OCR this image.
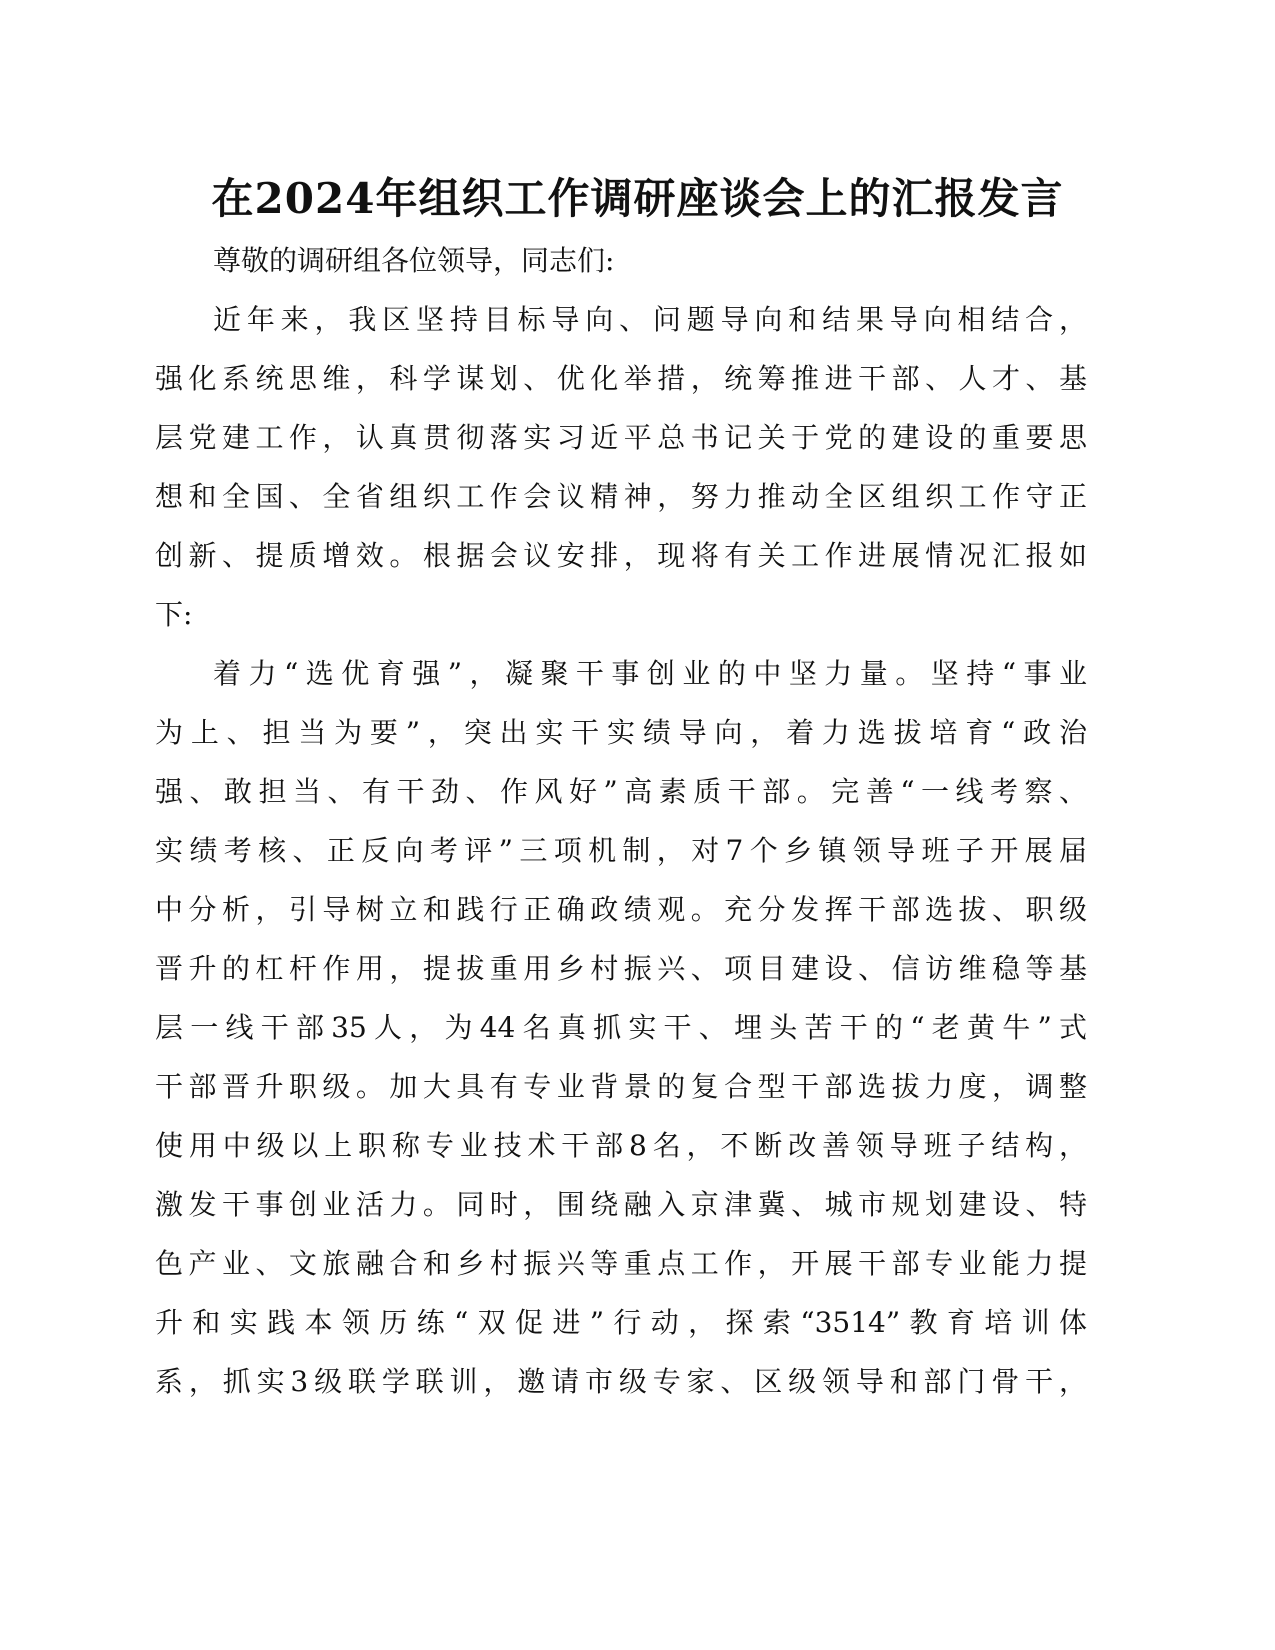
在2024年组织工作调研座谈会上的汇报发言
尊敬的调研组各位领导，同志们:
近年来，我区坚持目标导向、问题导向和结果导向相结合，
强化系统思维，科学谋划、优化举措，统筹推进干部、人才、基
层党建工作，认真贯彻落实习近平总书记关于党的建设的重要思
想和全国、全省组织工作会议精神，努力推动全区组织工作守正
创新、提质增效。根据会议安排，现将有关工作进展情况汇报如
下:
着力“选优育强”，凝聚干事创业的中坚力量。坚持“事业
为上、担当为要”，突出实干实绩导向，着力选拔培育“政治
强、敢担当、有干劲、作风好”高素质干部。完善“一线考察、
实绩考核、正反向考评”三项机制，对7个乡镇领导班子开展届
中分析，引导树立和践行正确政绩观。充分发挥干部选拔、职级
晋升的杠杆作用，提拔重用乡村振兴、项目建设、信访维稳等基
层一线干部35人，为44名真抓实干、埋头苦干的“老黄牛”式
干部晋升职级。加大具有专业背景的复合型干部选拔力度，调整
使用中级以上职称专业技术干部8名，不断改善领导班子结构，
激发干事创业活力。同时，围绕融入京津冀、城市规划建设、特
色产业、文旅融合和乡村振兴等重点工作，开展干部专业能力提
升和实践本领历练“双促进”行动，探索“3514”教育培训体
系，抓实3级联学联训，邀请市级专家、区级领导和部门骨干，
